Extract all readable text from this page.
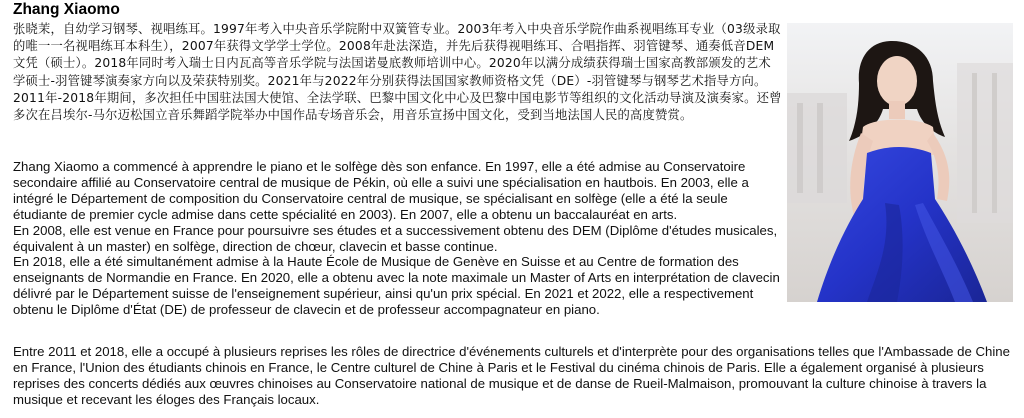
Zhang Xiaomo
张晓茉，自幼学习钢琴、视唱练耳。1997年考入中央音乐学院附中双簧管专业。2003年考入中央音乐学院作曲系视唱练耳专业（03级录取的唯一一名视唱练耳本科生），2007年获得文学学士学位。2008年赴法深造，并先后获得视唱练耳、合唱指挥、羽管键琴、通奏低音DEM文凭（硕士）。2018年同时考入瑞士日内瓦高等音乐学院与法国诺曼底教师培训中心。2020年以满分成绩获得瑞士国家高教部颁发的艺术学硕士-羽管键琴演奏家方向以及荣获特别奖。2021年与2022年分别获得法国国家教师资格文凭（DE）-羽管键琴与钢琴艺术指导方向。2011年-2018年期间，多次担任中国驻法国大使馆、全法学联、巴黎中国文化中心及巴黎中国电影节等组织的文化活动导演及演奏家。还曾多次在吕埃尔-马尔迈松国立音乐舞蹈学院举办中国作品专场音乐会，用音乐宣扬中国文化，受到当地法国人民的高度赞赏。

Zhang Xiaomo a commencé à apprendre le piano et le solfège dès son enfance. En 1997, elle a été admise au Conservatoire secondaire affilié au Conservatoire central de musique de Pékin, où elle a suivi une spécialisation en hautbois. En 2003, elle a intégré le Département de composition du Conservatoire central de musique, se spécialisant en solfège (elle a été la seule étudiante de premier cycle admise dans cette spécialité en 2003). En 2007, elle a obtenu un baccalauréat en arts.

En 2008, elle est venue en France pour poursuivre ses études et a successivement obtenu des DEM (Diplôme d'études musicales, équivalent à un master) en solfège, direction de chœur, clavecin et basse continue.

En 2018, elle a été simultanément admise à la Haute École de Musique de Genève en Suisse et au Centre de formation des enseignants de Normandie en France. En 2020, elle a obtenu avec la note maximale un Master of Arts en interprétation de clavecin délivré par le Département suisse de l'enseignement supérieur, ainsi qu'un prix spécial. En 2021 et 2022, elle a respectivement obtenu le Diplôme d'État (DE) de professeur de clavecin et de professeur accompagnateur en piano.

Entre 2011 et 2018, elle a occupé à plusieurs reprises les rôles de directrice d'événements culturels et d'interprète pour des organisations telles que l'Ambassade de Chine en France, l'Union des étudiants chinois en France, le Centre culturel de Chine à Paris et le Festival du cinéma chinois de Paris. Elle a également organisé à plusieurs reprises des concerts dédiés aux œuvres chinoises au Conservatoire national de musique et de danse de Rueil-Malmaison, promouvant la culture chinoise à travers la musique et recevant les éloges des Français locaux.
